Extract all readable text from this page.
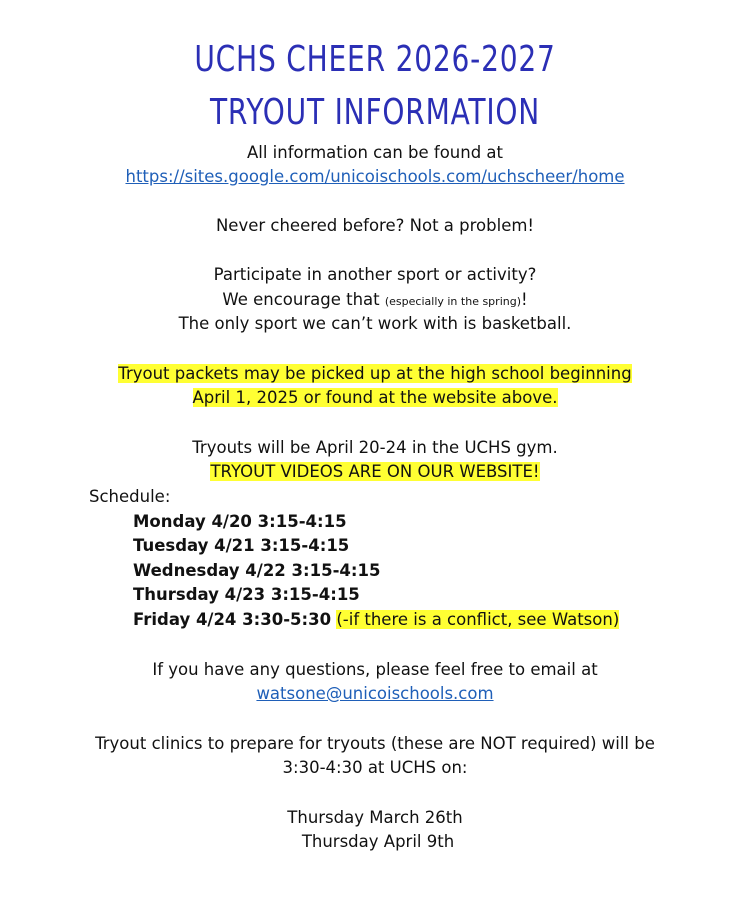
UCHS CHEER 2026-2027
TRYOUT INFORMATION
All information can be found at
https://sites.google.com/unicoischools.com/uchscheer/home
Never cheered before? Not a problem!
Participate in another sport or activity?
We encourage that (especially in the spring)!
The only sport we can’t work with is basketball.
Tryout packets may be picked up at the high school beginning
April 1, 2025 or found at the website above.
Tryouts will be April 20-24 in the UCHS gym.
TRYOUT VIDEOS ARE ON OUR WEBSITE!
Schedule:
Monday 4/20 3:15-4:15
Tuesday 4/21 3:15-4:15
Wednesday 4/22 3:15-4:15
Thursday 4/23 3:15-4:15
Friday 4/24 3:30-5:30 (-if there is a conflict, see Watson)
If you have any questions, please feel free to email at
watsone@unicoischools.com
Tryout clinics to prepare for tryouts (these are NOT required) will be
3:30-4:30 at UCHS on:
Thursday March 26th
Thursday April 9th
